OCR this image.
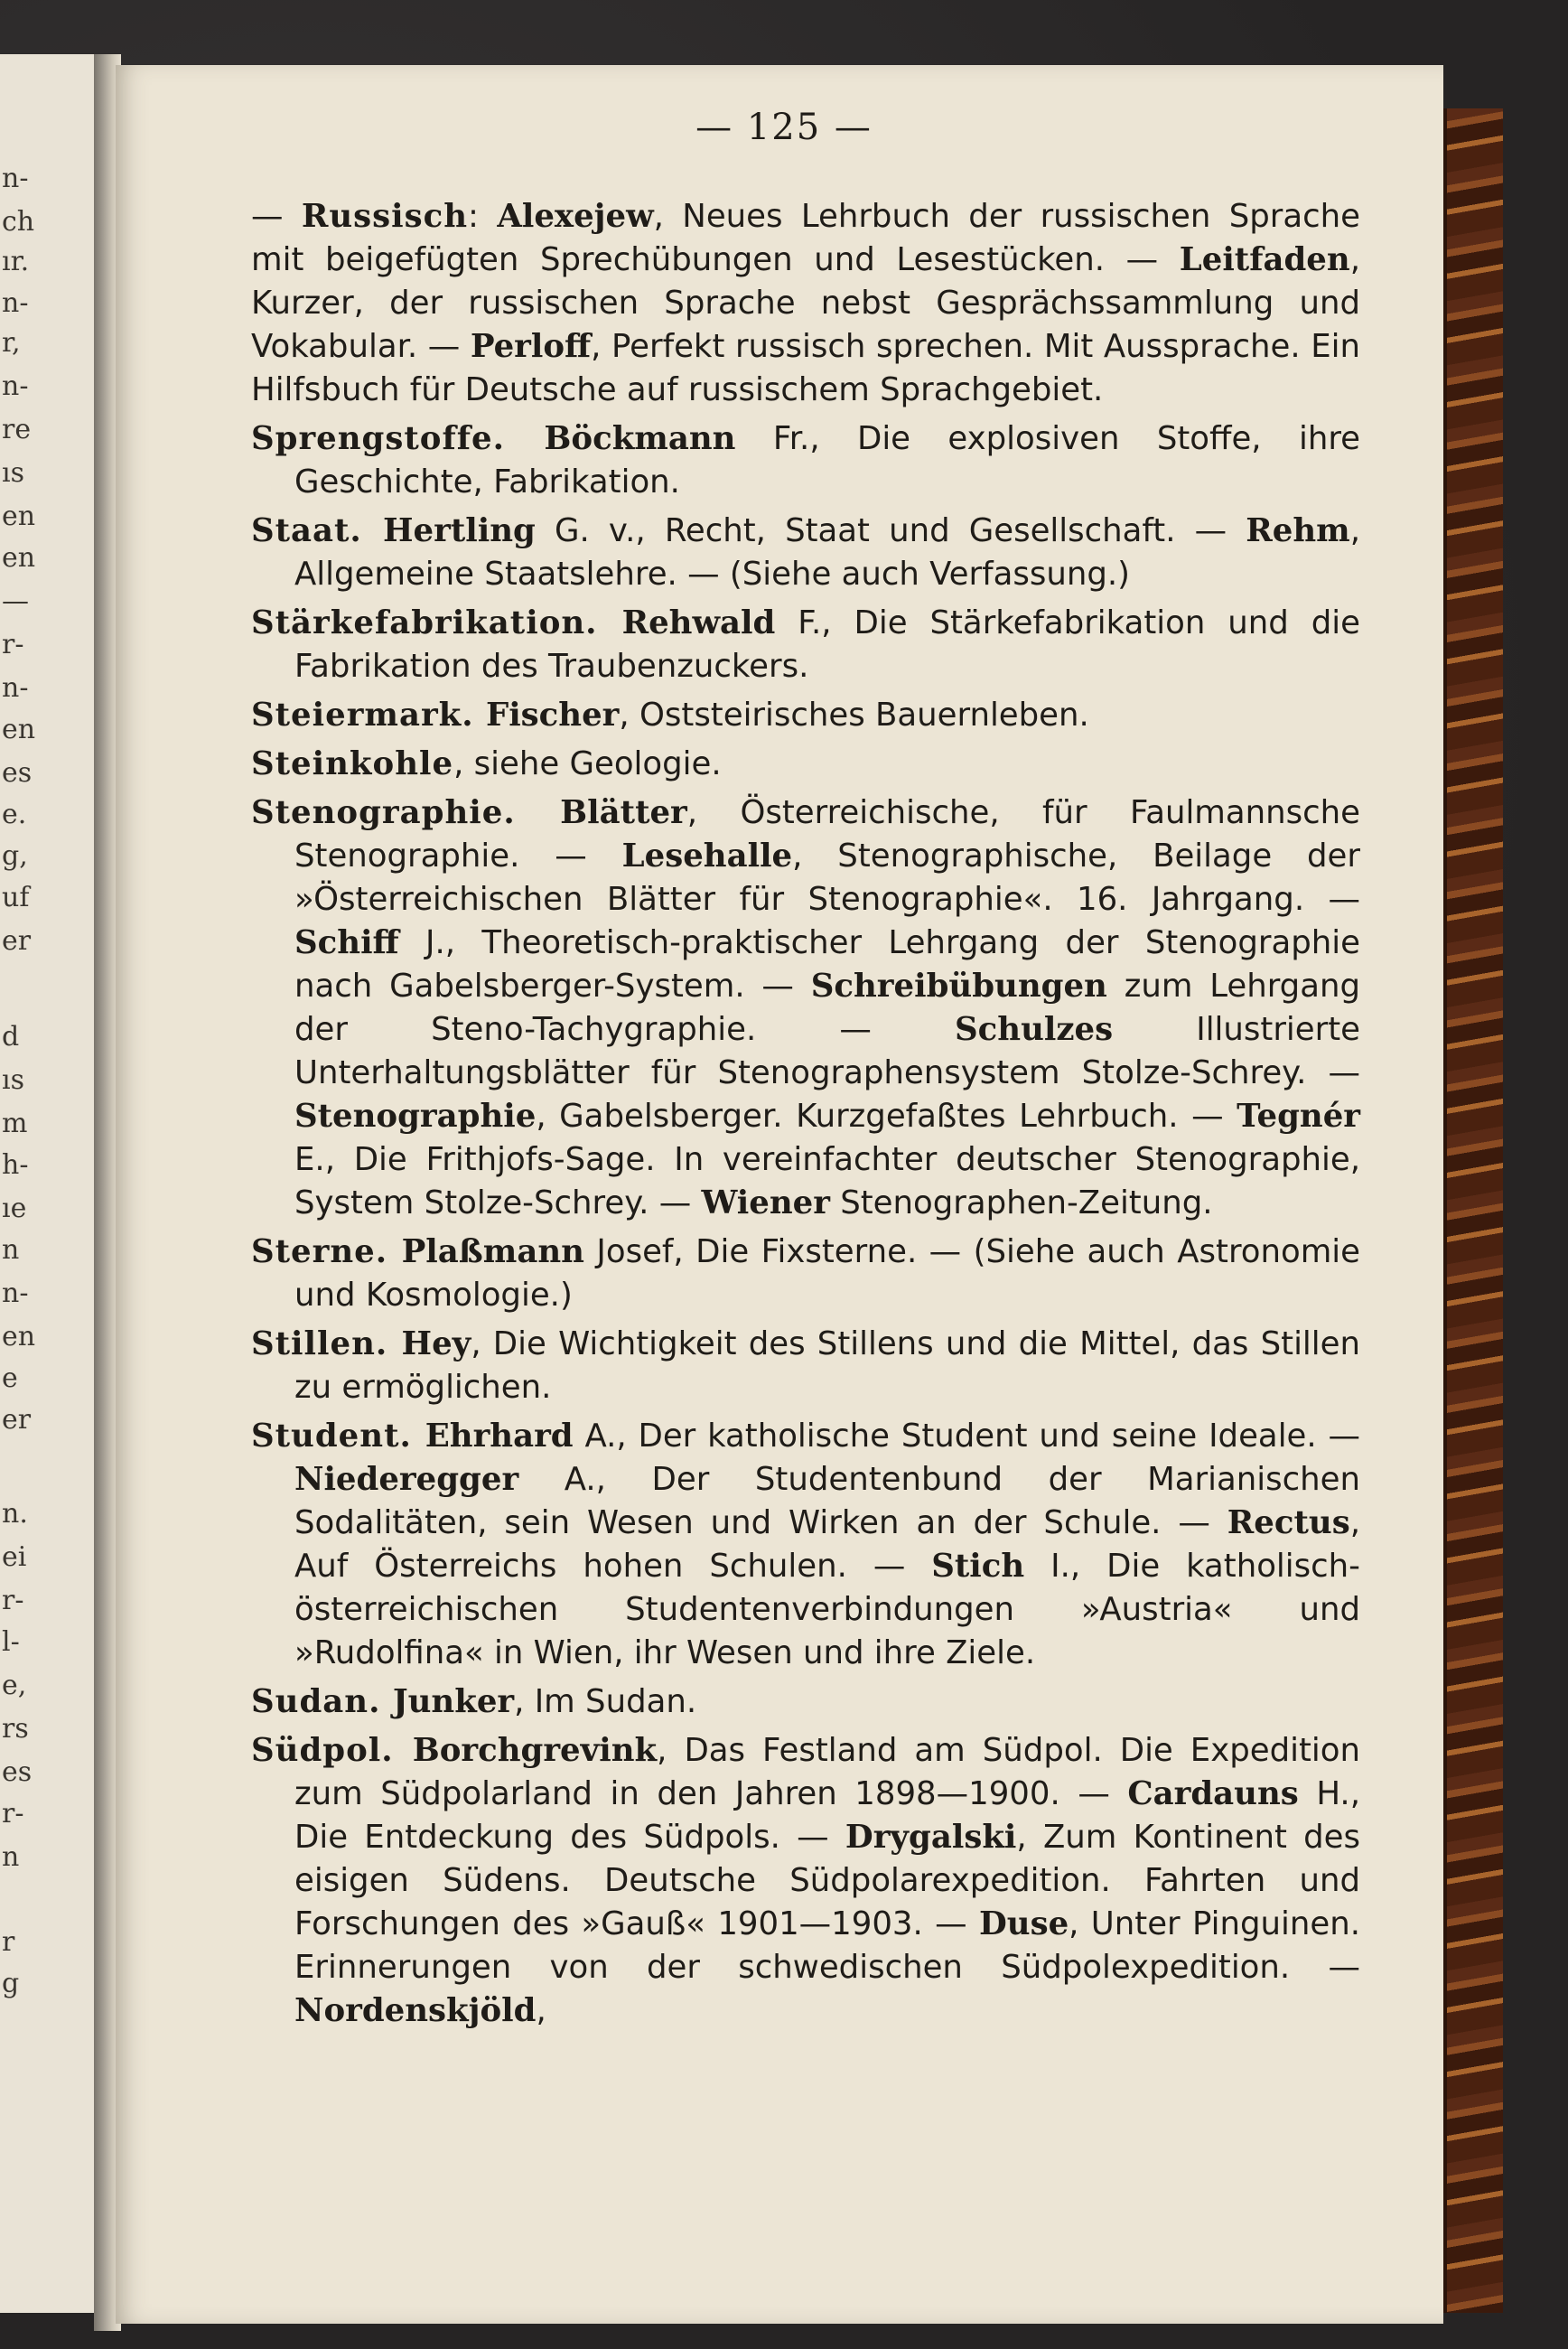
n-
ch
ır.
n-
r,
n-
re
ıs
en
en
—
r-
n-
en
es
e.
g,
uf
er
d
ıs
m
h-
ıe
n
n-
en
e
er
n.
ei
r-
l-
e,
rs
es
r-
n
r
g
— 125 —

— Russisch: Alexejew, Neues Lehrbuch der russischen Sprache mit beigefügten Sprechübungen und Lesestücken. — Leitfaden, Kurzer, der russischen Sprache nebst Gesprächssammlung und Vokabular. — Perloff, Perfekt russisch sprechen. Mit Aussprache. Ein Hilfsbuch für Deutsche auf russischem Sprachgebiet.

Sprengstoffe. Böckmann Fr., Die explosiven Stoffe, ihre Geschichte, Fabrikation.

Staat. Hertling G. v., Recht, Staat und Gesellschaft. — Rehm, Allgemeine Staatslehre. — (Siehe auch Verfassung.)

Stärkefabrikation. Rehwald F., Die Stärkefabrikation und die Fabrikation des Traubenzuckers.

Steiermark. Fischer, Oststeirisches Bauernleben.

Steinkohle, siehe Geologie.

Stenographie. Blätter, Österreichische, für Faulmannsche Stenographie. — Lesehalle, Stenographische, Beilage der »Österreichischen Blätter für Stenographie«. 16. Jahrgang. — Schiff J., Theoretisch-praktischer Lehrgang der Stenographie nach Gabelsberger-System. — Schreibübungen zum Lehrgang der Steno-Tachygraphie. — Schulzes Illustrierte Unterhaltungsblätter für Stenographensystem Stolze-Schrey. — Stenographie, Gabelsberger. Kurzgefaßtes Lehrbuch. — Tegnér E., Die Frithjofs-Sage. In vereinfachter deutscher Stenographie, System Stolze-Schrey. — Wiener Stenographen-Zeitung.

Sterne. Plaßmann Josef, Die Fixsterne. — (Siehe auch Astronomie und Kosmologie.)

Stillen. Hey, Die Wichtigkeit des Stillens und die Mittel, das Stillen zu ermöglichen.

Student. Ehrhard A., Der katholische Student und seine Ideale. — Niederegger A., Der Studentenbund der Marianischen Sodalitäten, sein Wesen und Wirken an der Schule. — Rectus, Auf Österreichs hohen Schulen. — Stich I., Die katholisch-österreichischen Studentenverbindungen »Austria« und »Rudolfina« in Wien, ihr Wesen und ihre Ziele.

Sudan. Junker, Im Sudan.

Südpol. Borchgrevink, Das Festland am Südpol. Die Expedition zum Südpolarland in den Jahren 1898—1900. — Cardauns H., Die Entdeckung des Südpols. — Drygalski, Zum Kontinent des eisigen Südens. Deutsche Südpolarexpedition. Fahrten und Forschungen des »Gauß« 1901—1903. — Duse, Unter Pinguinen. Erinnerungen von der schwedischen Südpolexpedition. — Nordenskjöld,
